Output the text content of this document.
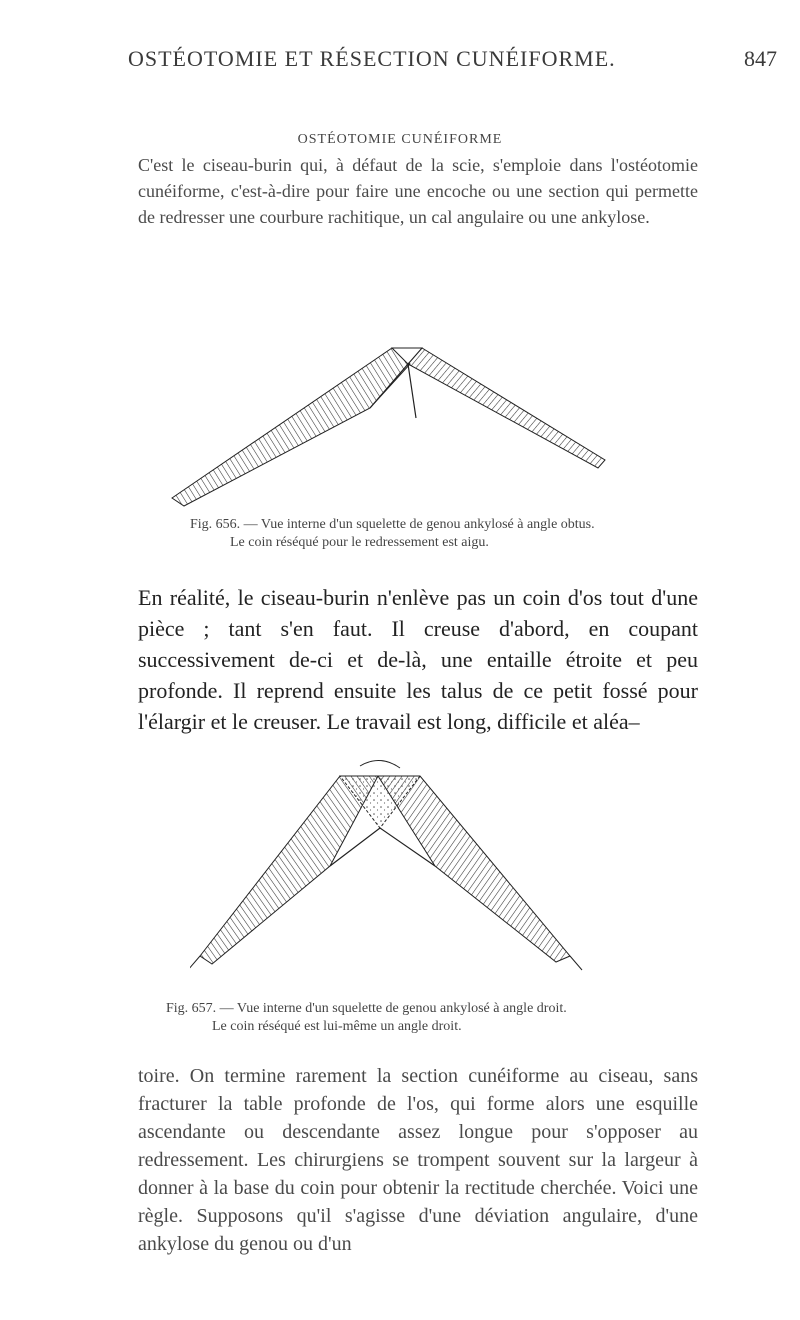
OSTÉOTOMIE ET RÉSECTION CUNÉIFORME.	847
OSTÉOTOMIE CUNÉIFORME

C'est le ciseau-burin qui, à défaut de la scie, s'emploie dans l'ostéotomie cunéiforme, c'est-à-dire pour faire une encoche ou une section qui permette de redresser une courbure rachitique, un cal angulaire ou une ankylose.

Fig. 656. — Vue interne d'un squelette de genou ankylosé à angle obtus.
Le coin réséqué pour le redressement est aigu.

En réalité, le ciseau-burin n'enlève pas un coin d'os tout d'une pièce ; tant s'en faut. Il creuse d'abord, en coupant successivement de-ci et de-là, une entaille étroite et peu profonde. Il reprend ensuite les talus de ce petit fossé pour l'élargir et le creuser. Le travail est long, difficile et aléa–

Fig. 657. — Vue interne d'un squelette de genou ankylosé à angle droit.
Le coin réséqué est lui-même un angle droit.

toire. On termine rarement la section cunéiforme au ciseau, sans fracturer la table profonde de l'os, qui forme alors une esquille ascendante ou descendante assez longue pour s'opposer au redressement. Les chirurgiens se trompent souvent sur la largeur à donner à la base du coin pour obtenir la rectitude cherchée. Voici une règle. Supposons qu'il s'agisse d'une déviation angulaire, d'une ankylose du genou ou d'un
